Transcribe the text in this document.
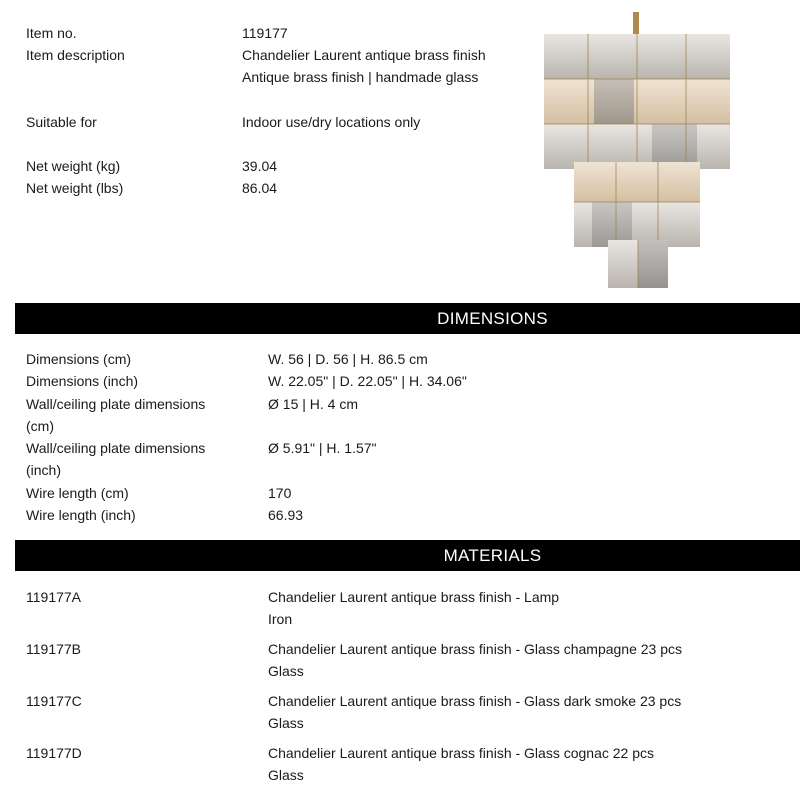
Item no.	119177
Item description	Chandelier Laurent antique brass finish
Antique brass finish | handmade glass
Suitable for	Indoor use/dry locations only
Net weight (kg)	39.04
Net weight (lbs)	86.04
DIMENSIONS
Dimensions (cm)	W. 56 | D. 56 | H. 86.5 cm
Dimensions (inch)	W. 22.05" | D. 22.05" | H. 34.06"
Wall/ceiling plate dimensions
(cm)
Ø 15 | H. 4 cm
Wall/ceiling plate dimensions
(inch)
Ø 5.91" | H. 1.57"
Wire length (cm)	170
Wire length (inch)	66.93
MATERIALS
119177A	Chandelier Laurent antique brass finish - Lamp
Iron
119177B	Chandelier Laurent antique brass finish - Glass champagne 23 pcs
Glass
119177C	Chandelier Laurent antique brass finish - Glass dark smoke 23 pcs
Glass
119177D	Chandelier Laurent antique brass finish - Glass cognac 22 pcs
Glass
